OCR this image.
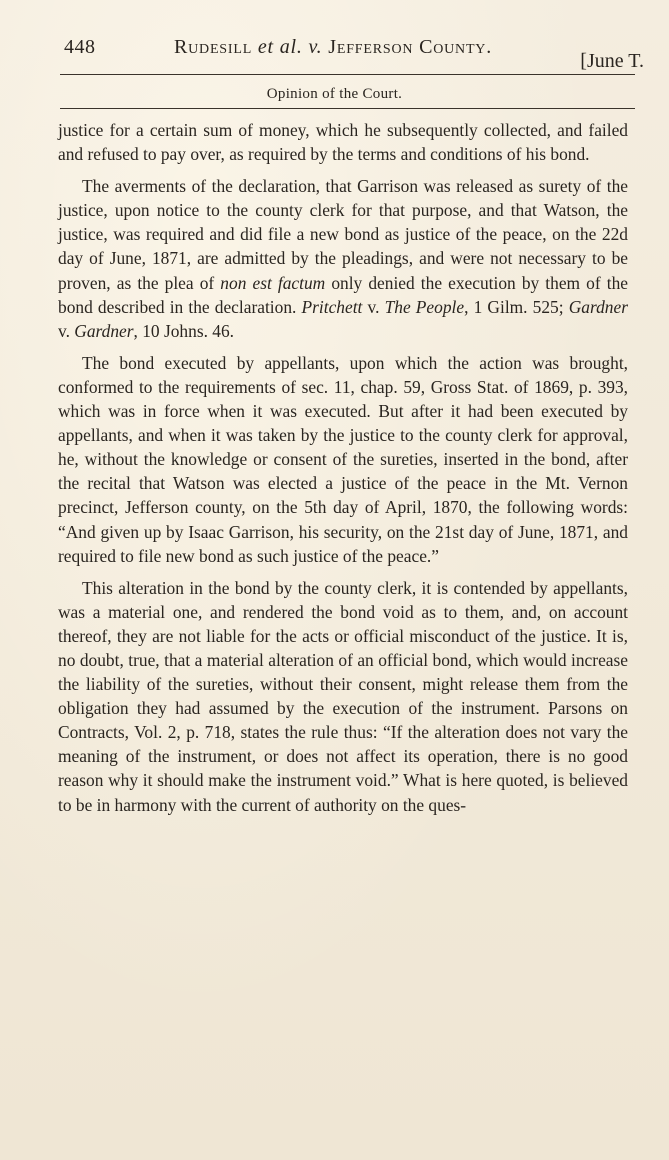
448	Rudesill et al. v. Jefferson County.
[June T.
Opinion of the Court.

justice for a certain sum of money, which he subsequently collected, and failed and refused to pay over, as required by the terms and conditions of his bond.

The averments of the declaration, that Garrison was released as surety of the justice, upon notice to the county clerk for that purpose, and that Watson, the justice, was required and did file a new bond as justice of the peace, on the 22d day of June, 1871, are admitted by the pleadings, and were not necessary to be proven, as the plea of non est factum only denied the execution by them of the bond described in the declaration. Pritchett v. The People, 1 Gilm. 525; Gardner v. Gardner, 10 Johns. 46.

The bond executed by appellants, upon which the action was brought, conformed to the requirements of sec. 11, chap. 59, Gross Stat. of 1869, p. 393, which was in force when it was executed. But after it had been executed by appellants, and when it was taken by the justice to the county clerk for approval, he, without the knowledge or consent of the sureties, inserted in the bond, after the recital that Watson was elected a justice of the peace in the Mt. Vernon precinct, Jefferson county, on the 5th day of April, 1870, the following words: “And given up by Isaac Garrison, his security, on the 21st day of June, 1871, and required to file new bond as such justice of the peace.”

This alteration in the bond by the county clerk, it is contended by appellants, was a material one, and rendered the bond void as to them, and, on account thereof, they are not liable for the acts or official misconduct of the justice. It is, no doubt, true, that a material alteration of an official bond, which would increase the liability of the sureties, without their consent, might release them from the obligation they had assumed by the execution of the instrument. Parsons on Contracts, Vol. 2, p. 718, states the rule thus: “If the alteration does not vary the meaning of the instrument, or does not affect its operation, there is no good reason why it should make the instrument void.” What is here quoted, is believed to be in harmony with the current of authority on the ques-
